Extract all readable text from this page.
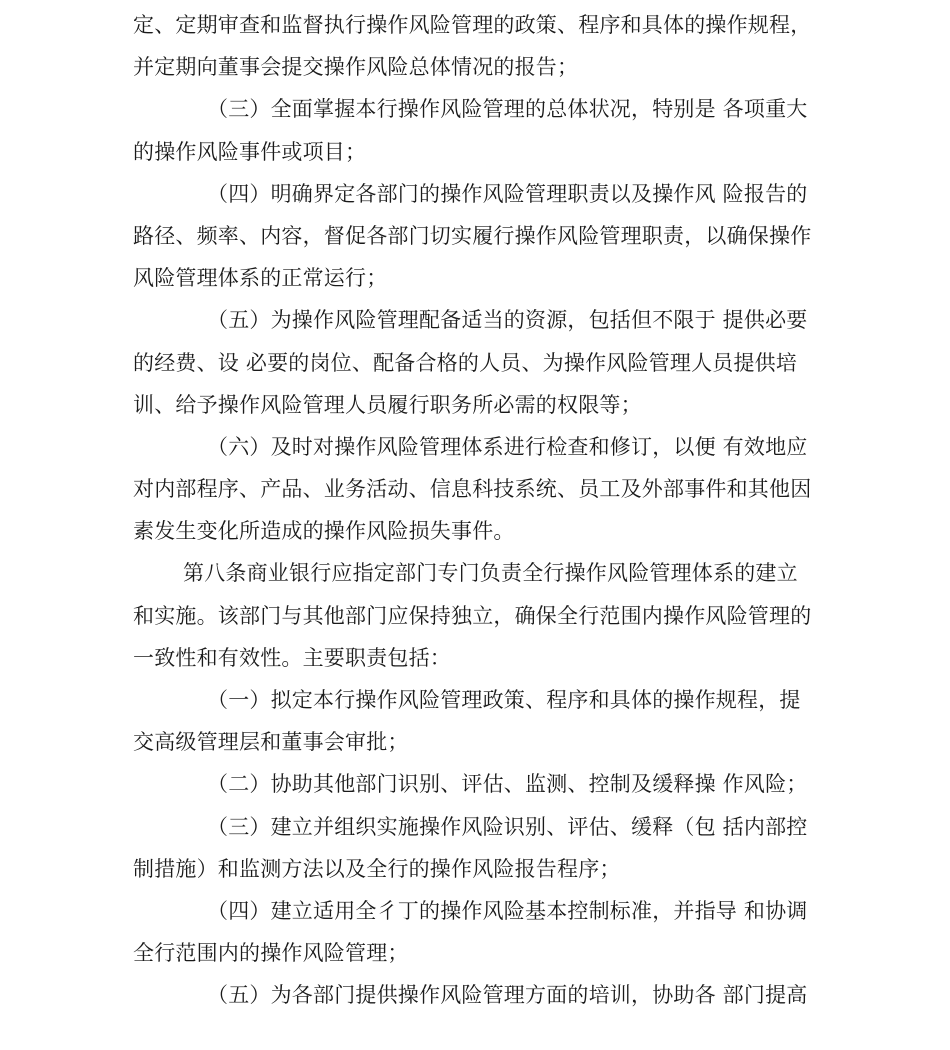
定、定期审查和监督执行操作风险管理的政策、程序和具体的操作规程，
并定期向董事会提交操作风险总体情况的报告；
（三）全面掌握本行操作风险管理的总体状况，特别是 各项重大
的操作风险事件或项目；
（四）明确界定各部门的操作风险管理职责以及操作风 险报告的
路径、频率、内容，督促各部门切实履行操作风险管理职责，以确保操作
风险管理体系的正常运行；
（五）为操作风险管理配备适当的资源，包括但不限于 提供必要
的经费、设 必要的岗位、配备合格的人员、为操作风险管理人员提供培
训、给予操作风险管理人员履行职务所必需的权限等；
（六）及时对操作风险管理体系进行检查和修订，以便 有效地应
对内部程序、产品、业务活动、信息科技系统、员工及外部事件和其他因
素发生变化所造成的操作风险损失事件。
第八条商业银行应指定部门专门负责全行操作风险管理体系的建立
和实施。该部门与其他部门应保持独立，确保全行范围内操作风险管理的
一致性和有效性。主要职责包括：
（一）拟定本行操作风险管理政策、程序和具体的操作规程，提
交高级管理层和董事会审批；
（二）协助其他部门识别、评估、监测、控制及缓释操 作风险；
（三）建立并组织实施操作风险识别、评估、缓释（包 括内部控
制措施）和监测方法以及全行的操作风险报告程序；
（四）建立适用全彳丁的操作风险基本控制标准，并指导 和协调
全行范围内的操作风险管理；
（五）为各部门提供操作风险管理方面的培训，协助各 部门提高
